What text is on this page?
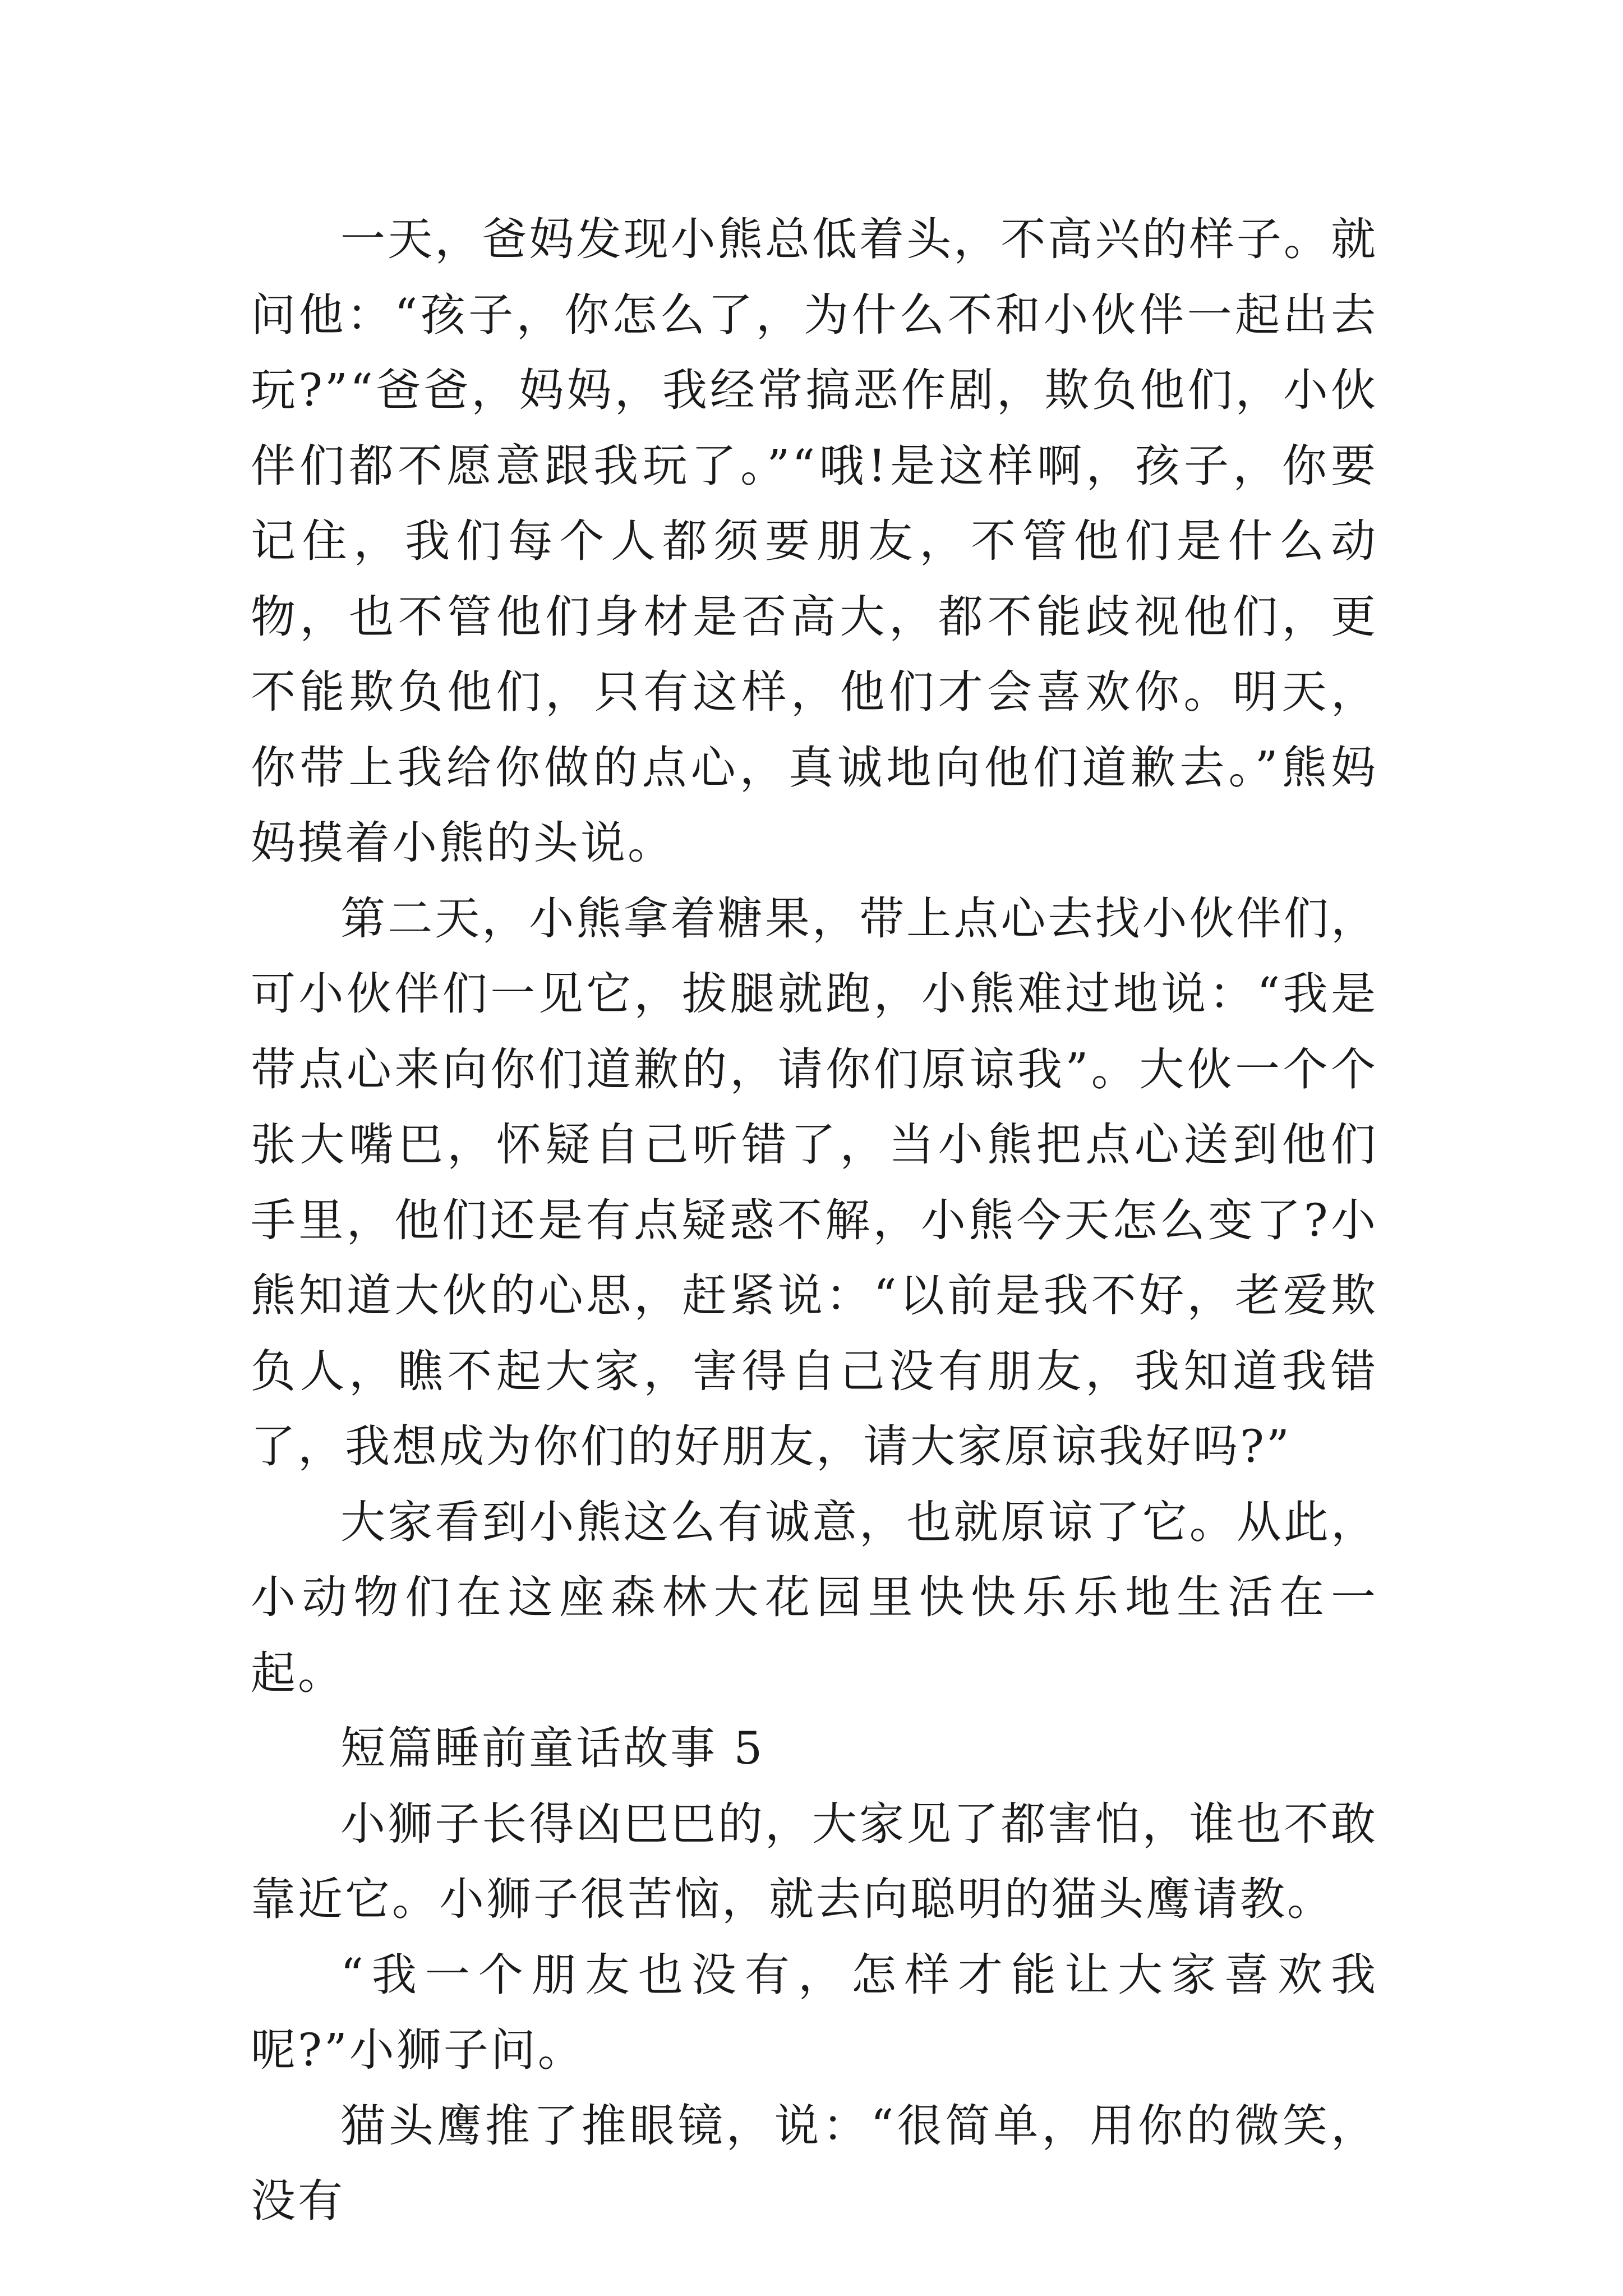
一天，爸妈发现小熊总低着头，不高兴的样子。就问他：“孩子，你怎么了，为什么不和小伙伴一起出去玩?”“爸爸，妈妈，我经常搞恶作剧，欺负他们，小伙伴们都不愿意跟我玩了。”“哦!是这样啊，孩子，你要记住，我们每个人都须要朋友，不管他们是什么动物，也不管他们身材是否高大，都不能歧视他们，更不能欺负他们，只有这样，他们才会喜欢你。明天，你带上我给你做的点心，真诚地向他们道歉去。”熊妈妈摸着小熊的头说。

第二天，小熊拿着糖果，带上点心去找小伙伴们，可小伙伴们一见它，拔腿就跑，小熊难过地说：“我是带点心来向你们道歉的，请你们原谅我”。大伙一个个张大嘴巴，怀疑自己听错了，当小熊把点心送到他们手里，他们还是有点疑惑不解，小熊今天怎么变了?小熊知道大伙的心思，赶紧说：“以前是我不好，老爱欺负人，瞧不起大家，害得自己没有朋友，我知道我错了，我想成为你们的好朋友，请大家原谅我好吗?”

大家看到小熊这么有诚意，也就原谅了它。从此，小动物们在这座森林大花园里快快乐乐地生活在一起。

短篇睡前童话故事 5

小狮子长得凶巴巴的，大家见了都害怕，谁也不敢靠近它。小狮子很苦恼，就去向聪明的猫头鹰请教。

“我一个朋友也没有，怎样才能让大家喜欢我呢?”小狮子问。

猫头鹰推了推眼镜，说：“很简单，用你的微笑，没有
